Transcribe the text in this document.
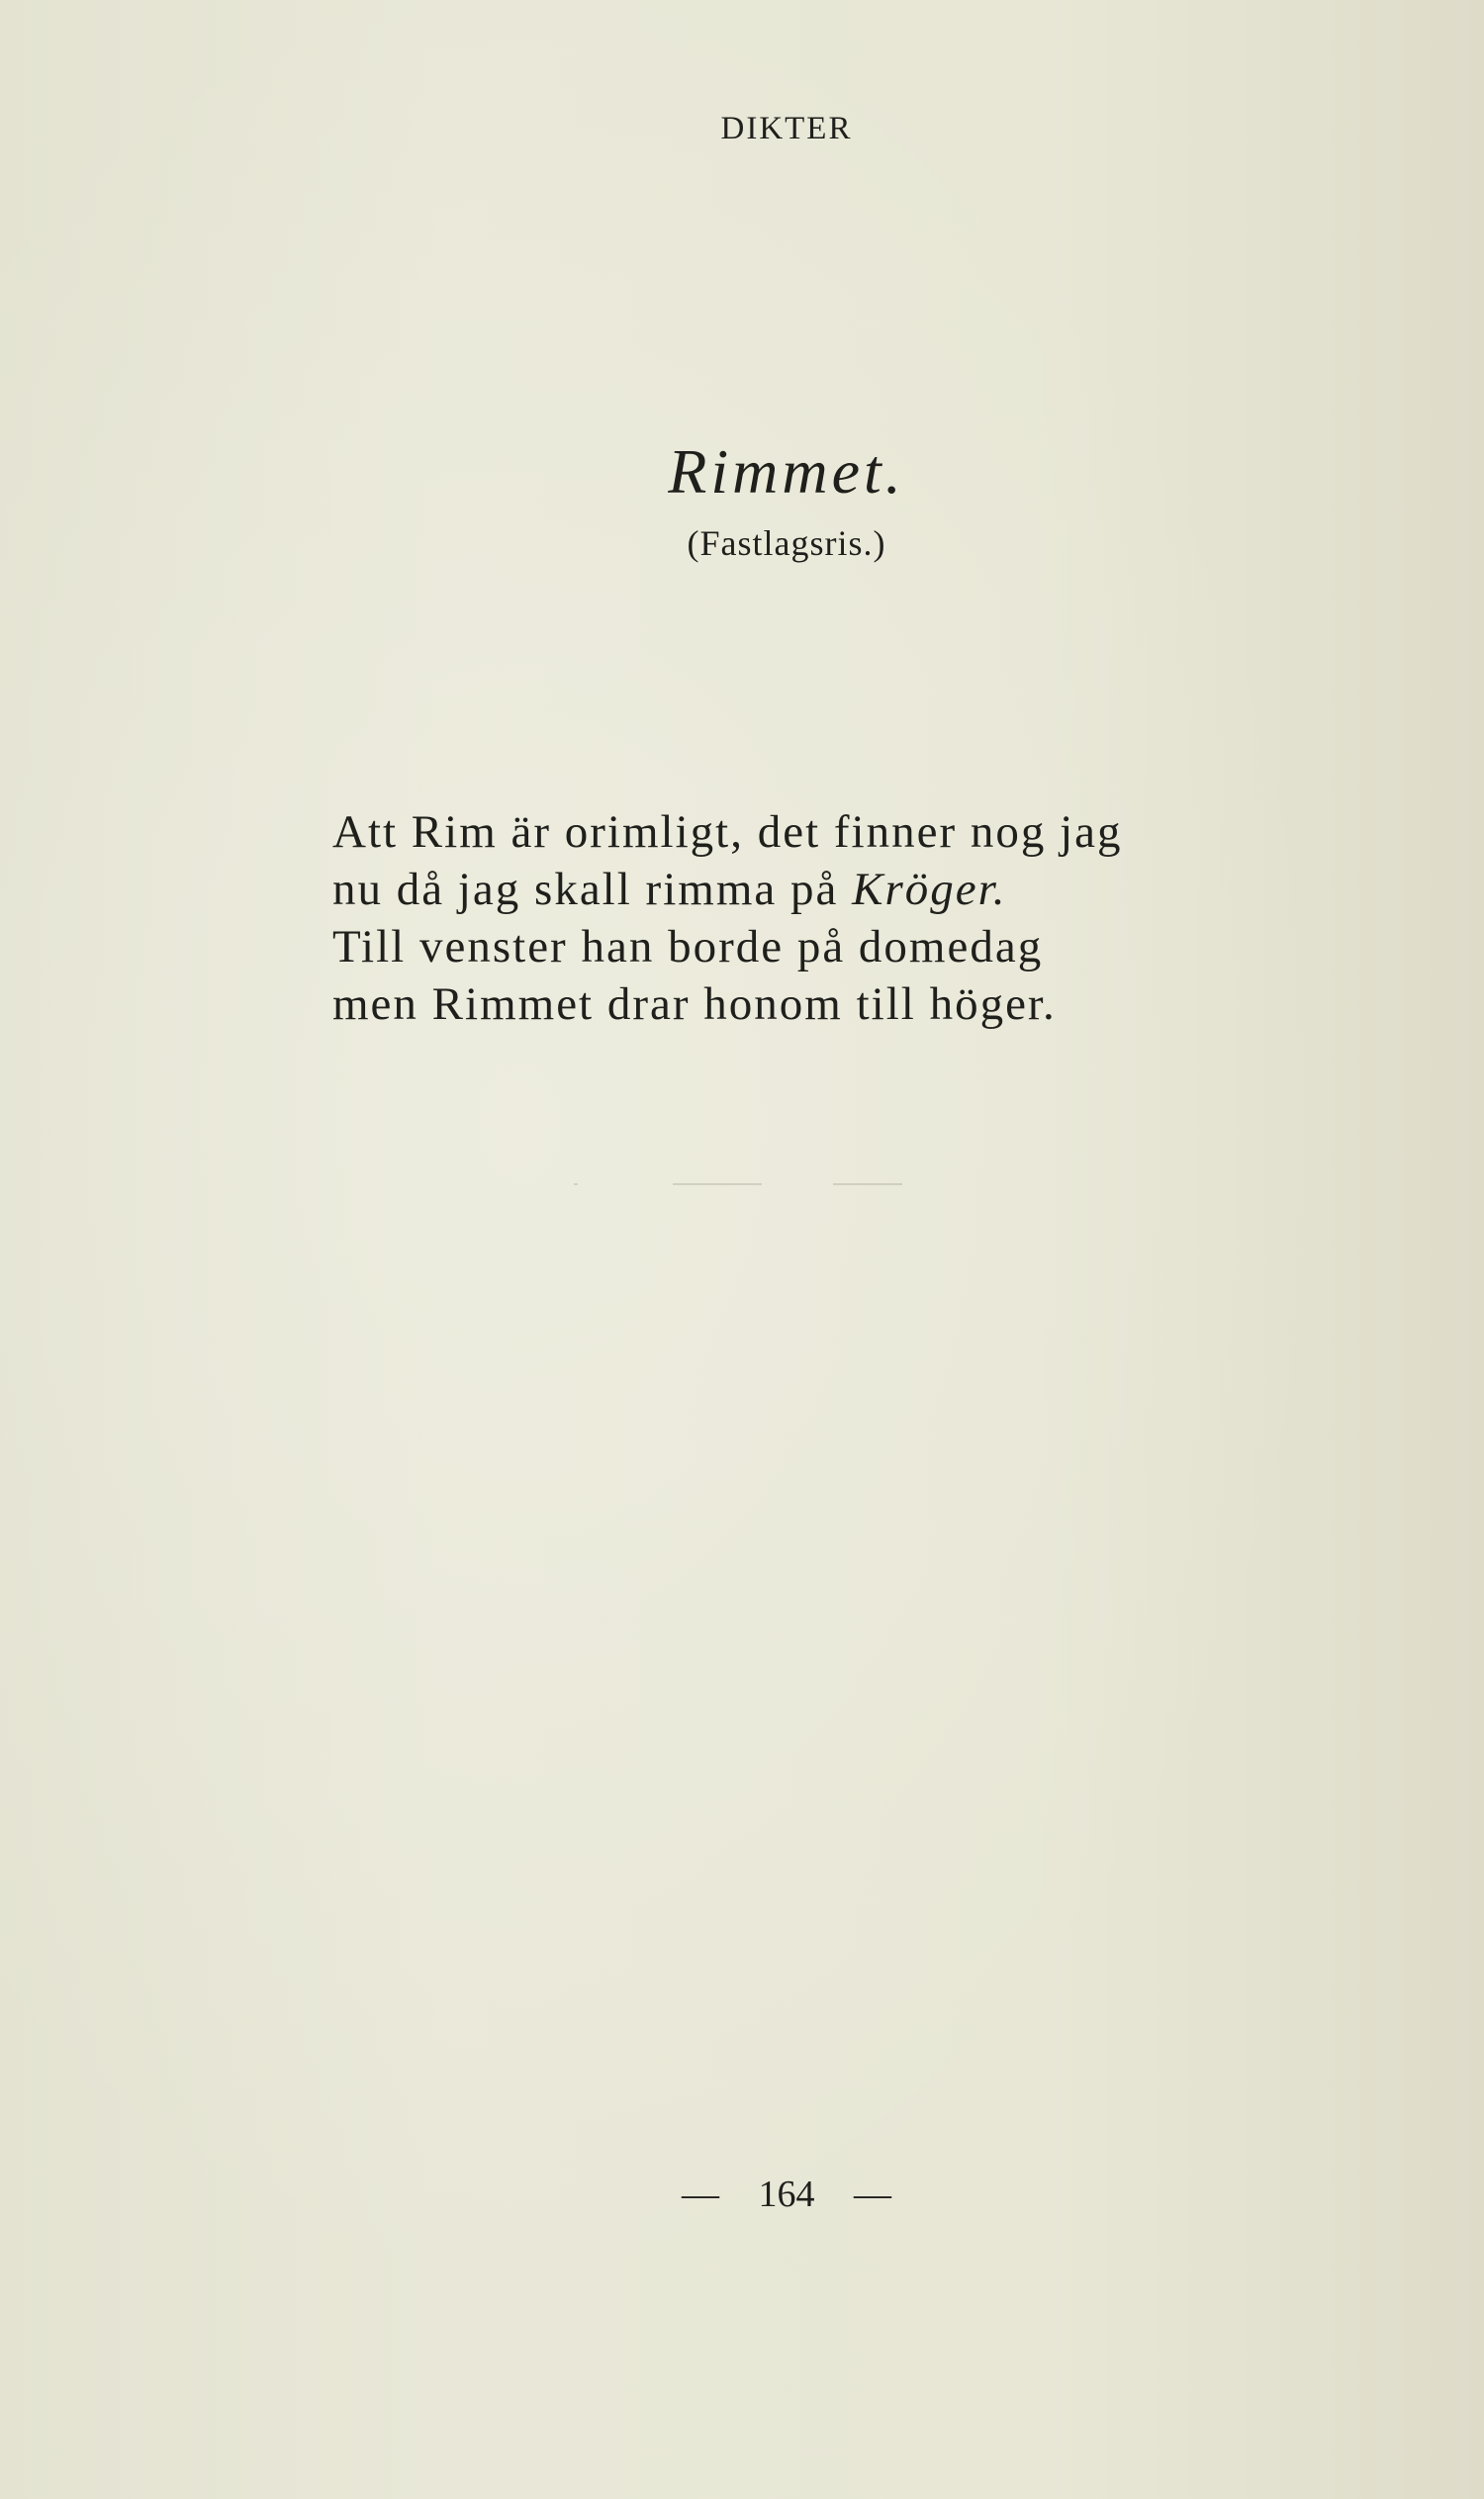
DIKTER
Rimmet.
(Fastlagsris.)
Att Rim är orimligt, det finner nog jag
nu då jag skall rimma på Kröger.
Till venster han borde på domedag
men Rimmet drar honom till höger.
— 164 —
